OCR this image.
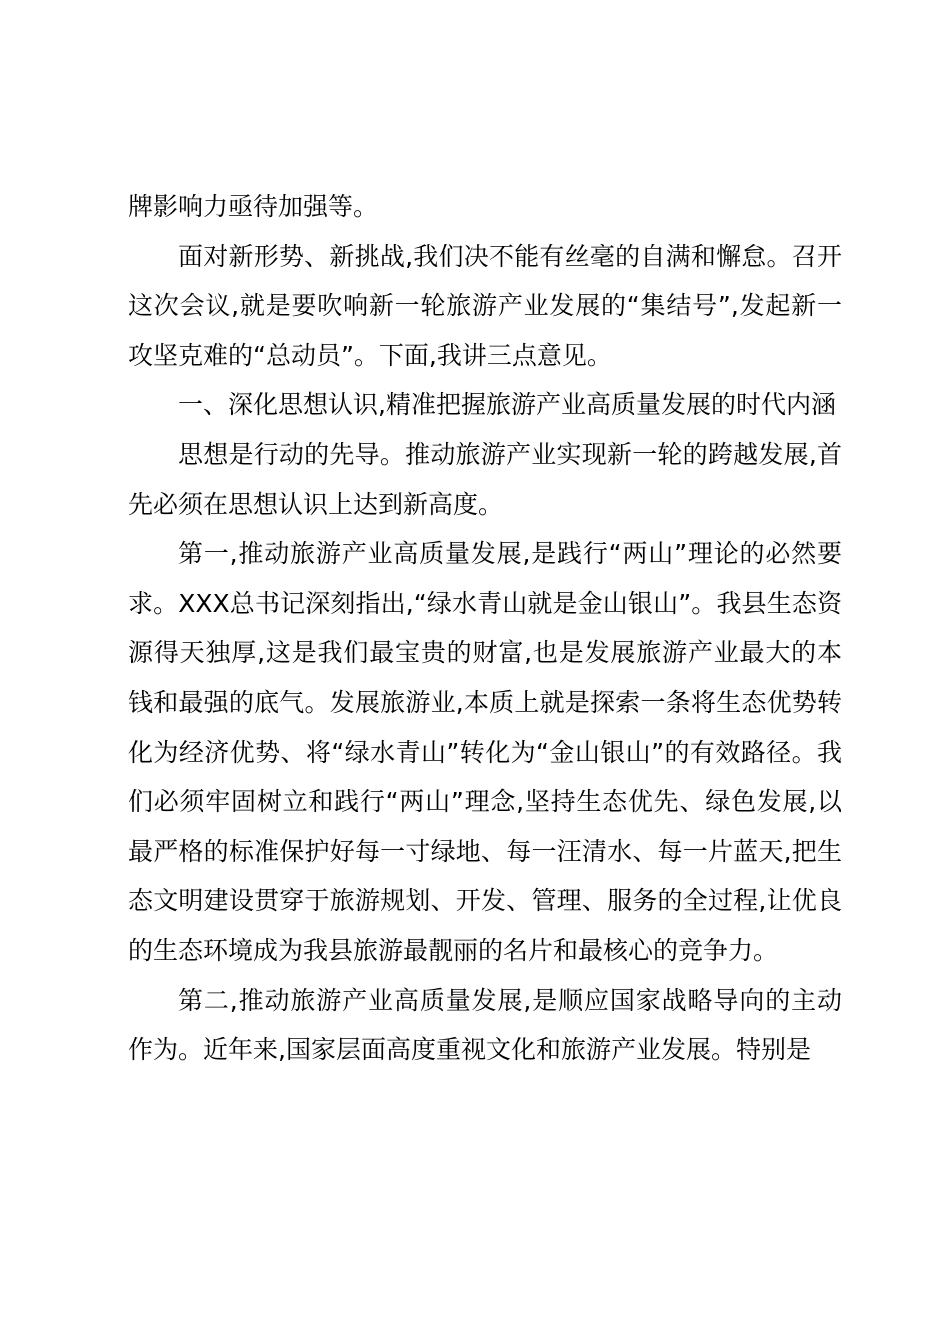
牌影响力亟待加强等。

面对新形势、新挑战,我们决不能有丝毫的自满和懈怠。召开这次会议,就是要吹响新一轮旅游产业发展的“集结号”,发起新一攻坚克难的“总动员”。下面,我讲三点意见。

一、深化思想认识,精准把握旅游产业高质量发展的时代内涵

思想是行动的先导。推动旅游产业实现新一轮的跨越发展,首先必须在思想认识上达到新高度。

第一,推动旅游产业高质量发展,是践行“两山”理论的必然要求。XXX总书记深刻指出,“绿水青山就是金山银山”。我县生态资源得天独厚,这是我们最宝贵的财富,也是发展旅游产业最大的本钱和最强的底气。发展旅游业,本质上就是探索一条将生态优势转化为经济优势、将“绿水青山”转化为“金山银山”的有效路径。我们必须牢固树立和践行“两山”理念,坚持生态优先、绿色发展,以最严格的标准保护好每一寸绿地、每一汪清水、每一片蓝天,把生态文明建设贯穿于旅游规划、开发、管理、服务的全过程,让优良的生态环境成为我县旅游最靓丽的名片和最核心的竞争力。

第二,推动旅游产业高质量发展,是顺应国家战略导向的主动作为。近年来,国家层面高度重视文化和旅游产业发展。特别是
